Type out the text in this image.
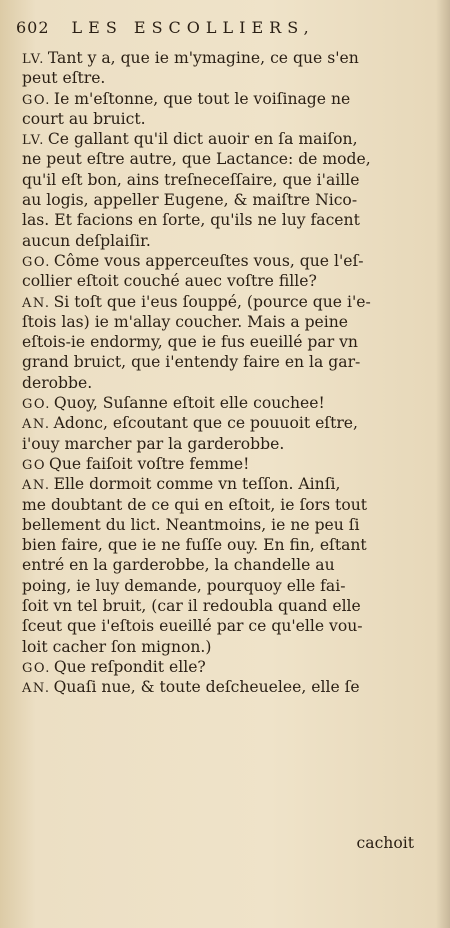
602 LES ESCOLLIERS,
LV. Tant y a, que ie m'ymagine, ce que s'en
peut eſtre.
GO. Ie m'eſtonne, que tout le voiſinage ne
court au bruict.
LV. Ce gallant qu'il dict auoir en ſa maiſon,
ne peut eſtre autre, que Lactance: de mode,
qu'il eſt bon, ains treſneceſſaire, que i'aille
au logis, appeller Eugene, & maiſtre Nico-
las. Et facions en ſorte, qu'ils ne luy facent
aucun deſplaiſir.
GO. Côme vous apperceuſtes vous, que l'eſ-
collier eſtoit couché auec voſtre fille?
AN. Si toſt que i'eus ſouppé, (pource que i'e-
ſtois las) ie m'allay coucher. Mais a peine
eſtois-ie endormy, que ie fus eueillé par vn
grand bruict, que i'entendy faire en la gar-
derobbe.
GO. Quoy, Suſanne eſtoit elle couchee!
AN. Adonc, eſcoutant que ce pouuoit eſtre,
i'ouy marcher par la garderobbe.
GO Que faiſoit voſtre femme!
AN. Elle dormoit comme vn teſſon. Ainſi,
me doubtant de ce qui en eſtoit, ie ſors tout
bellement du lict. Neantmoins, ie ne peu ſi
bien faire, que ie ne fuſſe ouy. En fin, eſtant
entré en la garderobbe, la chandelle au
poing, ie luy demande, pourquoy elle fai-
ſoit vn tel bruit, (car il redoubla quand elle
ſceut que i'eſtois eueillé par ce qu'elle vou-
loit cacher ſon mignon.)
GO. Que reſpondit elle?
AN. Quaſi nue, & toute deſcheuelee, elle ſe
cachoit
